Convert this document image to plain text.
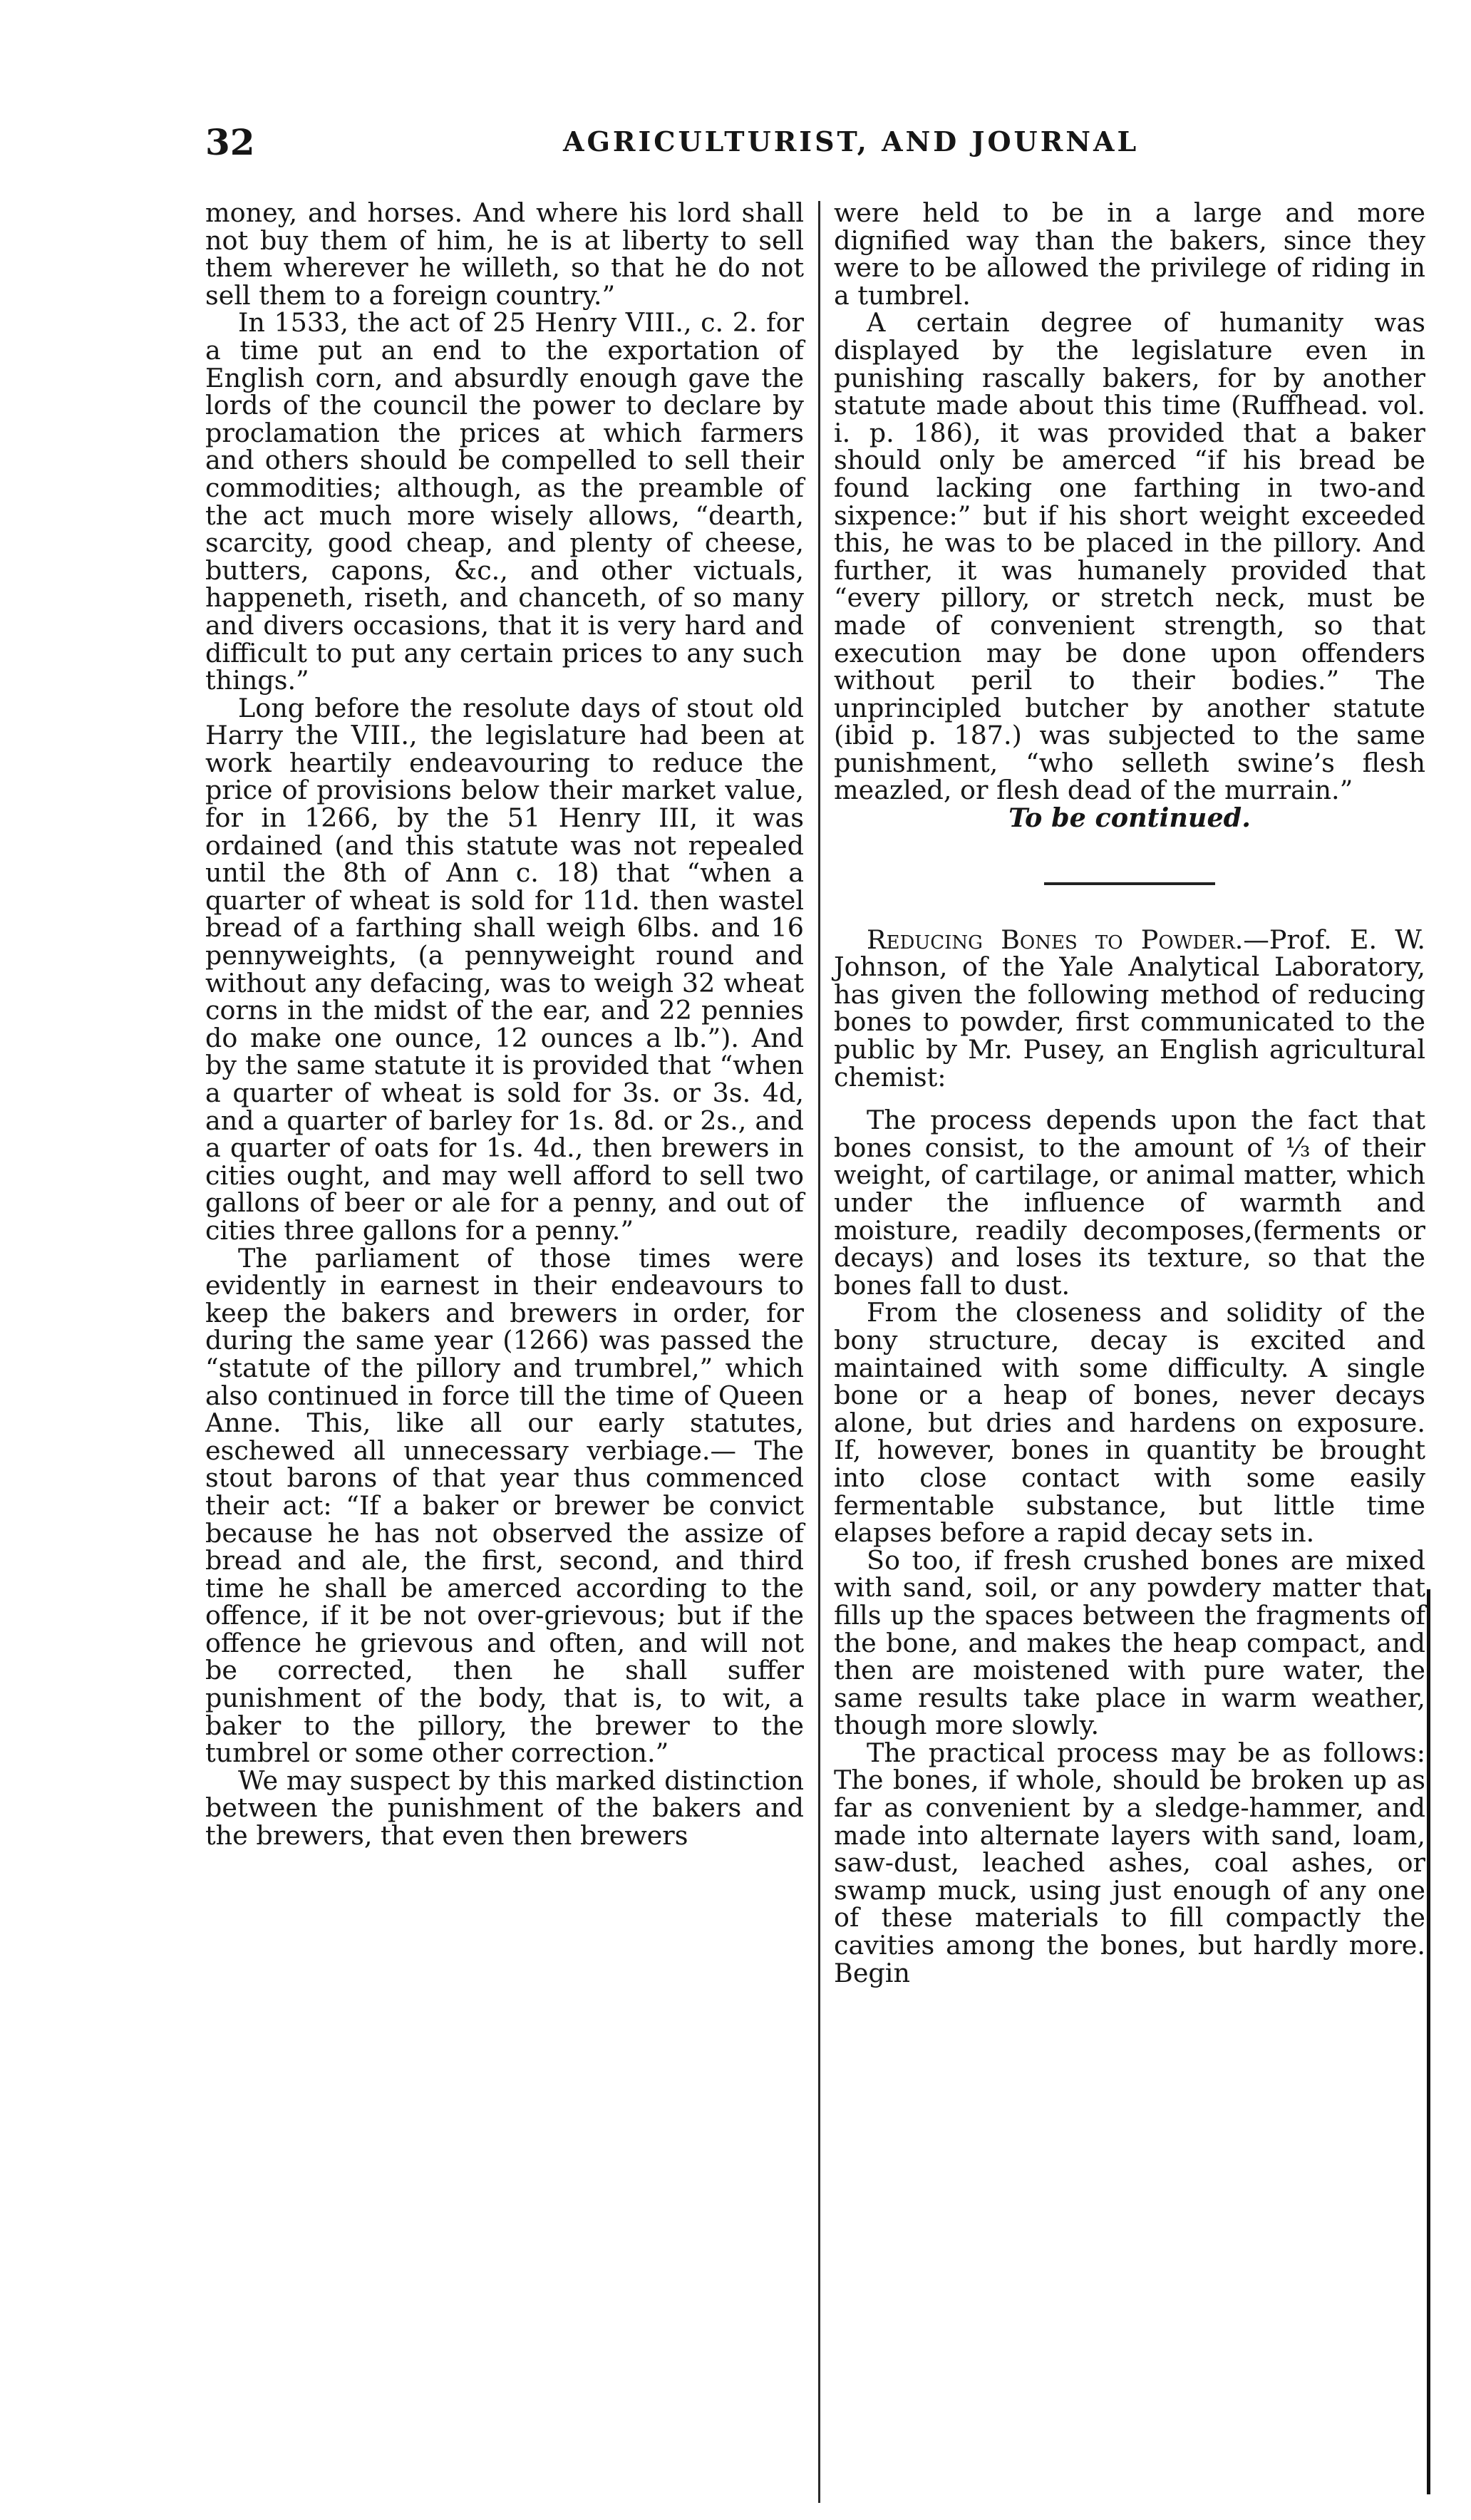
32	AGRICULTURIST, AND JOURNAL

money, and horses. And where his lord shall not buy them of him, he is at liberty to sell them wherever he willeth, so that he do not sell them to a foreign country.”

In 1533, the act of 25 Henry VIII., c. 2. for a time put an end to the exportation of English corn, and absurdly enough gave the lords of the council the power to declare by proclamation the prices at which farmers and others should be compelled to sell their commodities; although, as the preamble of the act much more wisely allows, “dearth, scarcity, good cheap, and plenty of cheese, butters, capons, &c., and other victuals, happeneth, riseth, and chanceth, of so many and divers occasions, that it is very hard and difficult to put any certain prices to any such things.”

Long before the resolute days of stout old Harry the VIII., the legislature had been at work heartily endeavouring to reduce the price of provisions below their market value, for in 1266, by the 51 Henry III, it was ordained (and this statute was not repealed until the 8th of Ann c. 18) that “when a quarter of wheat is sold for 11d. then wastel bread of a farthing shall weigh 6lbs. and 16 pennyweights, (a pennyweight round and without any defacing, was to weigh 32 wheat corns in the midst of the ear, and 22 pennies do make one ounce, 12 ounces a lb.”). And by the same statute it is provided that “when a quarter of wheat is sold for 3s. or 3s. 4d, and a quarter of barley for 1s. 8d. or 2s., and a quarter of oats for 1s. 4d., then brewers in cities ought, and may well afford to sell two gallons of beer or ale for a penny, and out of cities three gallons for a penny.”

The parliament of those times were evidently in earnest in their endeavours to keep the bakers and brewers in order, for during the same year (1266) was passed the “statute of the pillory and trumbrel,” which also continued in force till the time of Queen Anne. This, like all our early statutes, eschewed all unnecessary verbiage.— The stout barons of that year thus commenced their act: “If a baker or brewer be convict because he has not observed the assize of bread and ale, the first, second, and third time he shall be amerced according to the offence, if it be not over-grievous; but if the offence he grievous and often, and will not be corrected, then he shall suffer punishment of the body, that is, to wit, a baker to the pillory, the brewer to the tumbrel or some other correction.”

We may suspect by this marked distinction between the punishment of the bakers and the brewers, that even then brewers

were held to be in a large and more dignified way than the bakers, since they were to be allowed the privilege of riding in a tumbrel.

A certain degree of humanity was displayed by the legislature even in punishing rascally bakers, for by another statute made about this time (Ruffhead. vol. i. p. 186), it was provided that a baker should only be amerced “if his bread be found lacking one farthing in two-and sixpence:” but if his short weight exceeded this, he was to be placed in the pillory. And further, it was humanely provided that “every pillory, or stretch neck, must be made of convenient strength, so that execution may be done upon offenders without peril to their bodies.” The unprincipled butcher by another statute (ibid p. 187.) was subjected to the same punishment, “who selleth swine’s flesh meazled, or flesh dead of the murrain.”

To be continued.

Reducing Bones to Powder.—Prof. E. W. Johnson, of the Yale Analytical Laboratory, has given the following method of reducing bones to powder, first communicated to the public by Mr. Pusey, an English agricultural chemist:

The process depends upon the fact that bones consist, to the amount of ⅓ of their weight, of cartilage, or animal matter, which under the influence of warmth and moisture, readily decomposes,(ferments or decays) and loses its texture, so that the bones fall to dust.

From the closeness and solidity of the bony structure, decay is excited and maintained with some difficulty. A single bone or a heap of bones, never decays alone, but dries and hardens on exposure. If, however, bones in quantity be brought into close contact with some easily fermentable substance, but little time elapses before a rapid decay sets in.

So too, if fresh crushed bones are mixed with sand, soil, or any powdery matter that fills up the spaces between the fragments of the bone, and makes the heap compact, and then are moistened with pure water, the same results take place in warm weather, though more slowly.

The practical process may be as follows: The bones, if whole, should be broken up as far as convenient by a sledge-hammer, and made into alternate layers with sand, loam, saw-dust, leached ashes, coal ashes, or swamp muck, using just enough of any one of these materials to fill compactly the cavities among the bones, but hardly more. Begin
